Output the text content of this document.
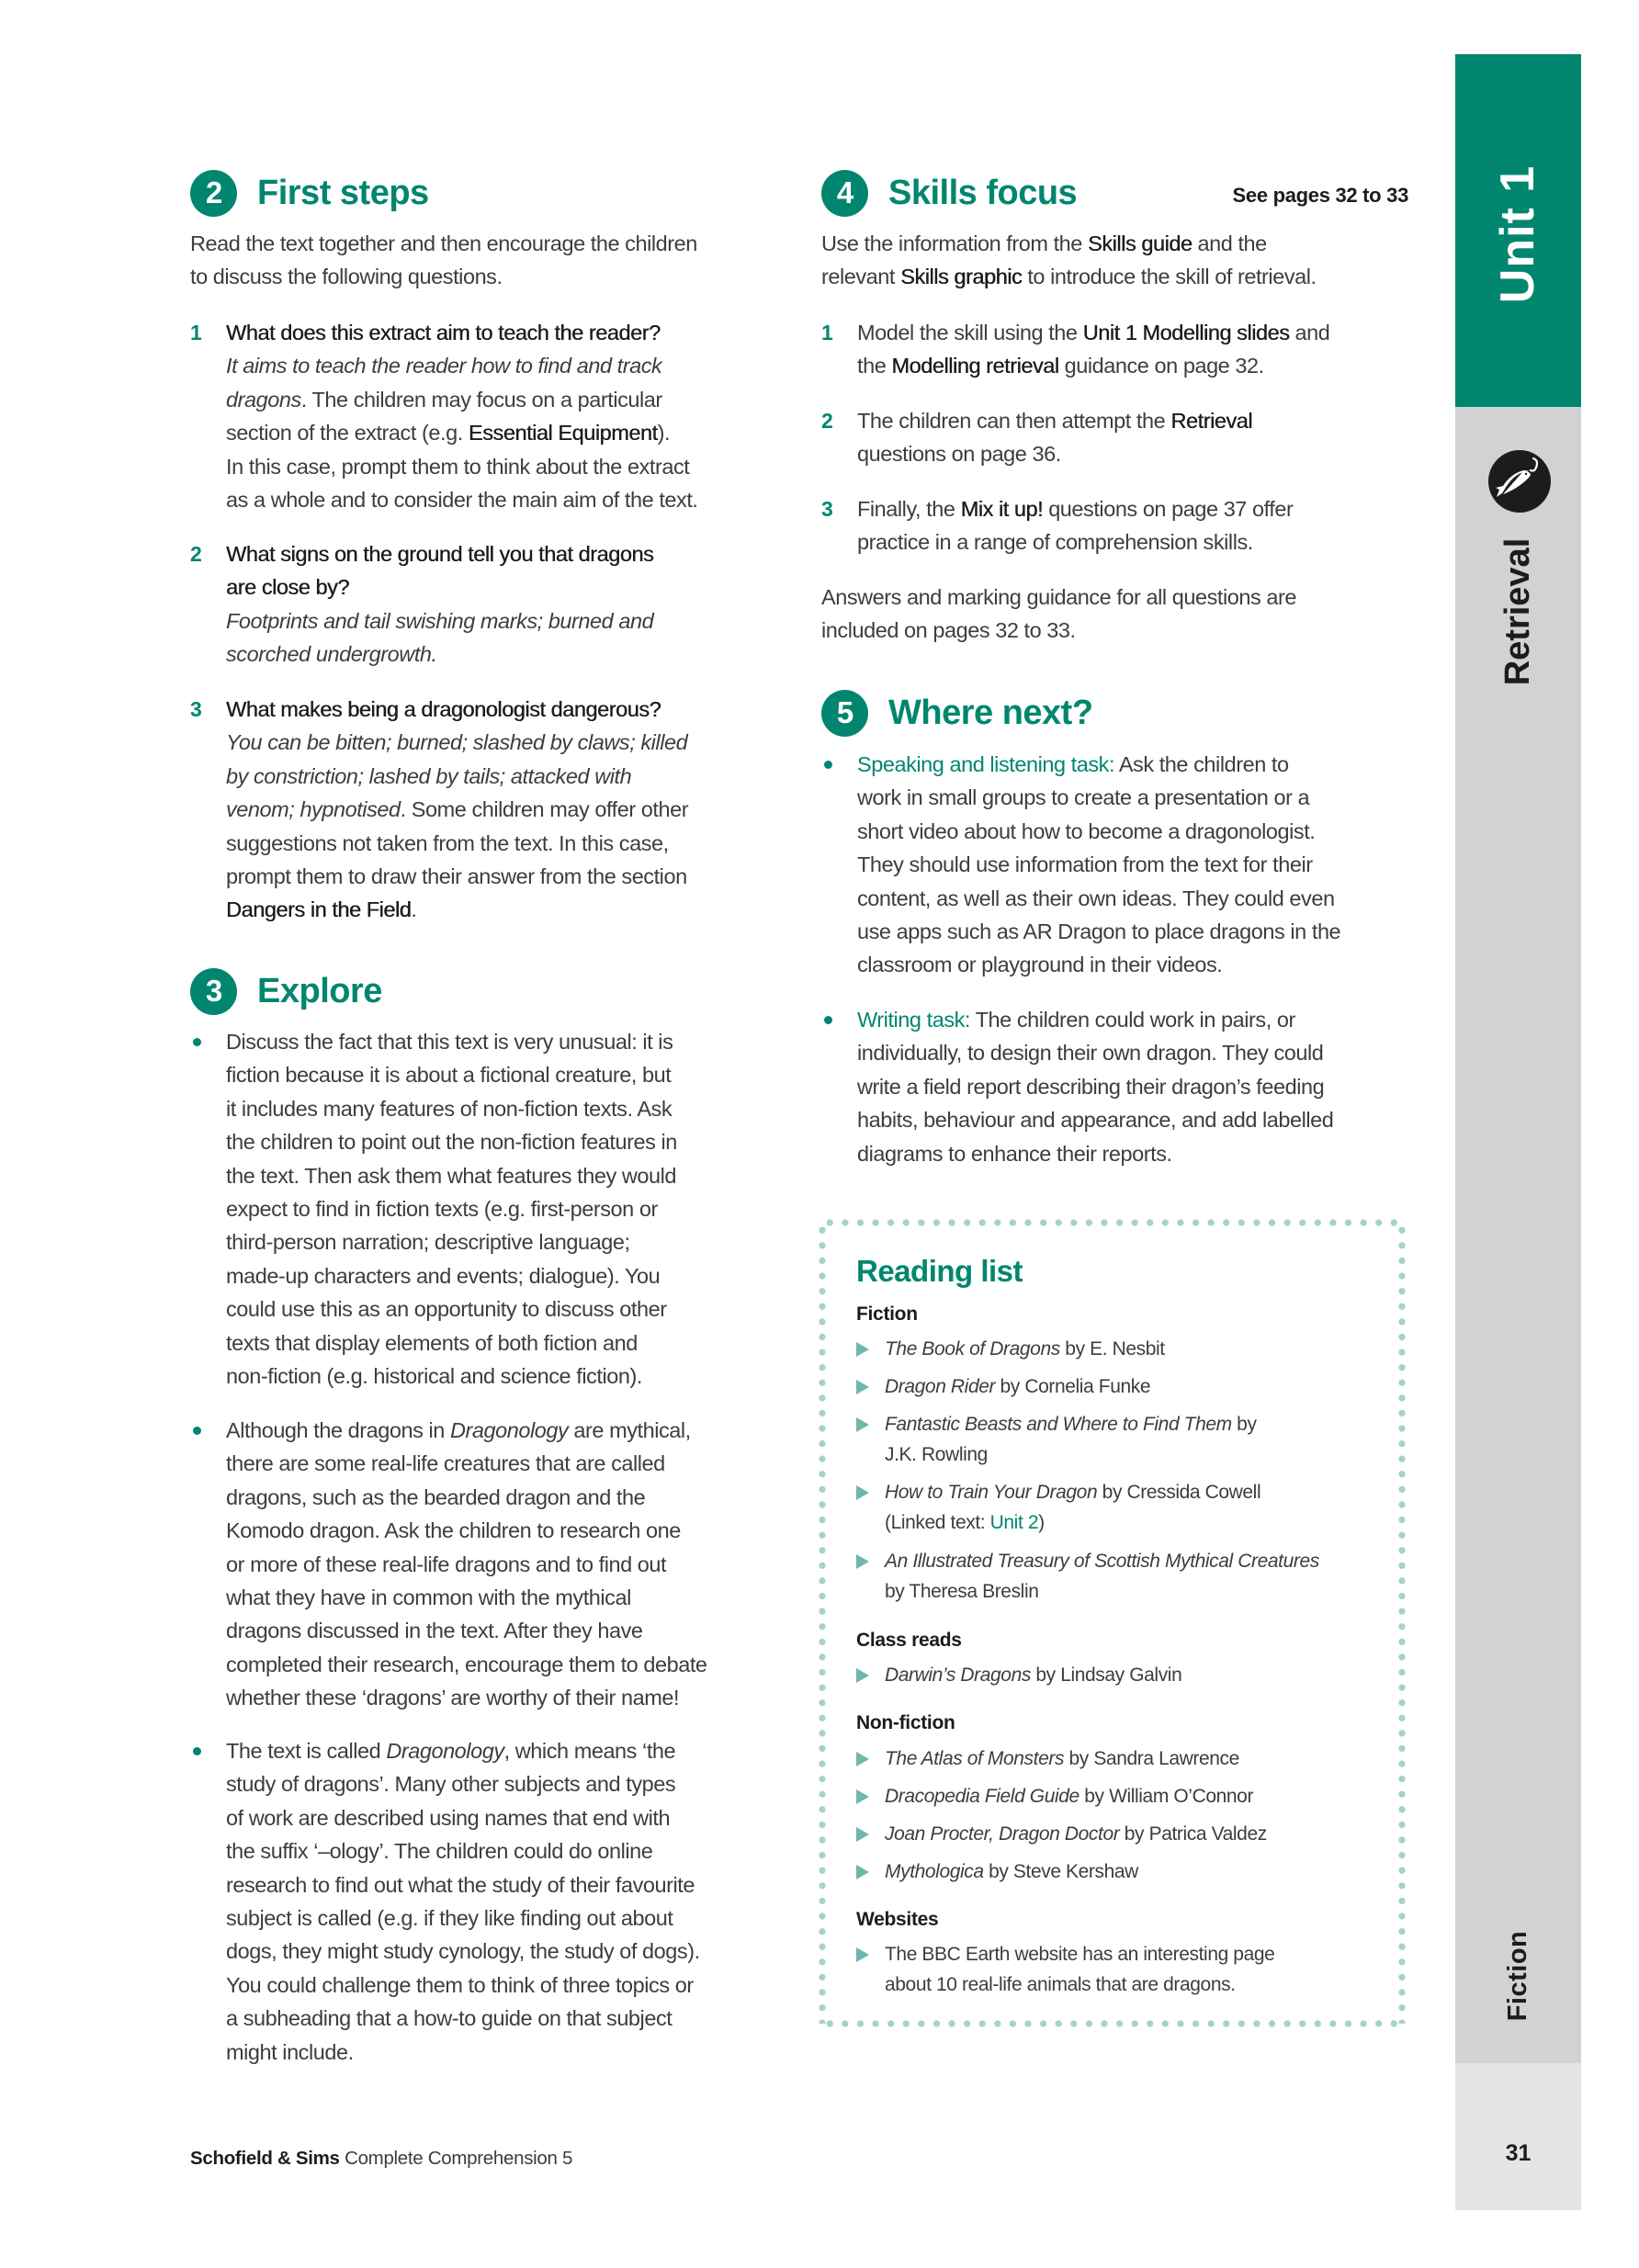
Unit 1
Retrieval
Fiction
31
2	First steps
Read the text together and then encourage the children
to discuss the following questions.
1 What does this extract aim to teach the reader?
It aims to teach the reader how to find and track
dragons. The children may focus on a particular
section of the extract (e.g. Essential Equipment).
In this case, prompt them to think about the extract
as a whole and to consider the main aim of the text.
2 What signs on the ground tell you that dragons
are close by?
Footprints and tail swishing marks; burned and
scorched undergrowth.
3 What makes being a dragonologist dangerous?
You can be bitten; burned; slashed by claws; killed
by constriction; lashed by tails; attacked with
venom; hypnotised. Some children may offer other
suggestions not taken from the text. In this case,
prompt them to draw their answer from the section
Dangers in the Field.
3	Explore
Discuss the fact that this text is very unusual: it is
fiction because it is about a fictional creature, but
it includes many features of non-fiction texts. Ask
the children to point out the non-fiction features in
the text. Then ask them what features they would
expect to find in fiction texts (e.g. first-person or
third-person narration; descriptive language;
made-up characters and events; dialogue). You
could use this as an opportunity to discuss other
texts that display elements of both fiction and
non-fiction (e.g. historical and science fiction).
Although the dragons in Dragonology are mythical,
there are some real-life creatures that are called
dragons, such as the bearded dragon and the
Komodo dragon. Ask the children to research one
or more of these real-life dragons and to find out
what they have in common with the mythical
dragons discussed in the text. After they have
completed their research, encourage them to debate
whether these ‘dragons’ are worthy of their name!
The text is called Dragonology, which means ‘the
study of dragons’. Many other subjects and types
of work are described using names that end with
the suffix ‘–ology’. The children could do online
research to find out what the study of their favourite
subject is called (e.g. if they like finding out about
dogs, they might study cynology, the study of dogs).
You could challenge them to think of three topics or
a subheading that a how-to guide on that subject
might include.
4	Skills focus	See pages 32 to 33
Use the information from the Skills guide and the
relevant Skills graphic to introduce the skill of retrieval.
1 Model the skill using the Unit 1 Modelling slides and
the Modelling retrieval guidance on page 32.
2 The children can then attempt the Retrieval
questions on page 36.
3 Finally, the Mix it up! questions on page 37 offer
practice in a range of comprehension skills.
Answers and marking guidance for all questions are
included on pages 32 to 33.
5	Where next?
Speaking and listening task: Ask the children to
work in small groups to create a presentation or a
short video about how to become a dragonologist.
They should use information from the text for their
content, as well as their own ideas. They could even
use apps such as AR Dragon to place dragons in the
classroom or playground in their videos.
Writing task: The children could work in pairs, or
individually, to design their own dragon. They could
write a field report describing their dragon’s feeding
habits, behaviour and appearance, and add labelled
diagrams to enhance their reports.
Reading list
Fiction
The Book of Dragons by E. Nesbit
Dragon Rider by Cornelia Funke
Fantastic Beasts and Where to Find Them by
J.K. Rowling
How to Train Your Dragon by Cressida Cowell
(Linked text: Unit 2)
An Illustrated Treasury of Scottish Mythical Creatures
by Theresa Breslin
Class reads
Darwin’s Dragons by Lindsay Galvin
Non-fiction
The Atlas of Monsters by Sandra Lawrence
Dracopedia Field Guide by William O’Connor
Joan Procter, Dragon Doctor by Patrica Valdez
Mythologica by Steve Kershaw
Websites
The BBC Earth website has an interesting page
about 10 real-life animals that are dragons.
Schofield & Sims Complete Comprehension 5
